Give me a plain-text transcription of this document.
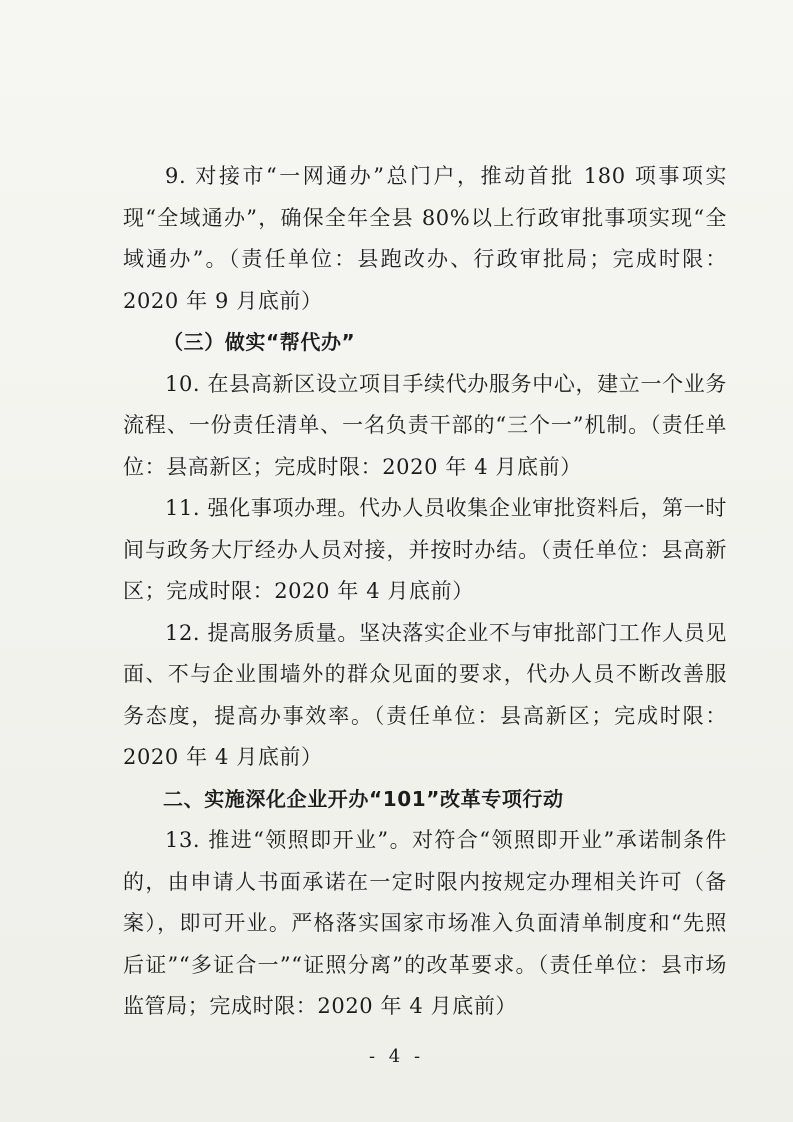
9. 对接市“一网通办”总门户，推动首批 180 项事项实现“全域通办”，确保全年全县 80%以上行政审批事项实现“全域通办”。（责任单位：县跑改办、行政审批局；完成时限：2020 年 9 月底前）

（三）做实“帮代办”

10. 在县高新区设立项目手续代办服务中心，建立一个业务流程、一份责任清单、一名负责干部的“三个一”机制。（责任单位：县高新区；完成时限：2020 年 4 月底前）

11. 强化事项办理。代办人员收集企业审批资料后，第一时间与政务大厅经办人员对接，并按时办结。（责任单位：县高新区；完成时限：2020 年 4 月底前）

12. 提高服务质量。坚决落实企业不与审批部门工作人员见面、不与企业围墙外的群众见面的要求，代办人员不断改善服务态度，提高办事效率。（责任单位：县高新区；完成时限：2020 年 4 月底前）

二、实施深化企业开办“101”改革专项行动

13. 推进“领照即开业”。对符合“领照即开业”承诺制条件的，由申请人书面承诺在一定时限内按规定办理相关许可（备案），即可开业。严格落实国家市场准入负面清单制度和“先照后证”“多证合一”“证照分离”的改革要求。（责任单位：县市场监管局；完成时限：2020 年 4 月底前）

- 4 -
